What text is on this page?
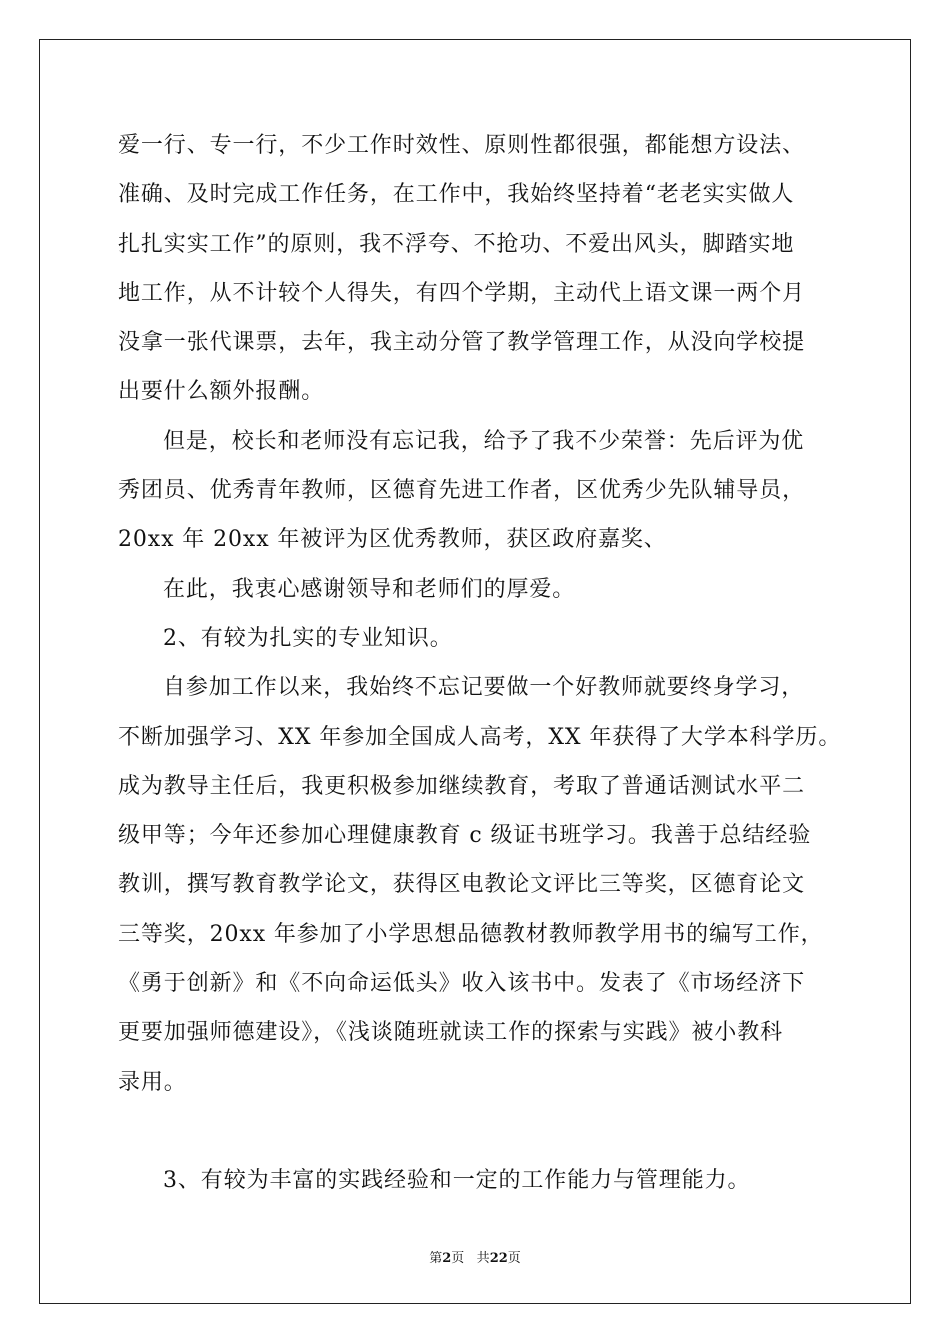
爱一行、专一行，不少工作时效性、原则性都很强，都能想方设法、
准确、及时完成工作任务，在工作中，我始终坚持着“老老实实做人
扎扎实实工作”的原则，我不浮夸、不抢功、不爱出风头，脚踏实地
地工作，从不计较个人得失，有四个学期，主动代上语文课一两个月
没拿一张代课票，去年，我主动分管了教学管理工作，从没向学校提
出要什么额外报酬。
但是，校长和老师没有忘记我，给予了我不少荣誉：先后评为优
秀团员、优秀青年教师，区德育先进工作者，区优秀少先队辅导员，
20xx 年 20xx 年被评为区优秀教师，获区政府嘉奖、
在此，我衷心感谢领导和老师们的厚爱。
2、有较为扎实的专业知识。
自参加工作以来，我始终不忘记要做一个好教师就要终身学习，
不断加强学习、XX 年参加全国成人高考，XX 年获得了大学本科学历。
成为教导主任后，我更积极参加继续教育，考取了普通话测试水平二
级甲等；今年还参加心理健康教育 c 级证书班学习。我善于总结经验
教训，撰写教育教学论文，获得区电教论文评比三等奖，区德育论文
三等奖，20xx 年参加了小学思想品德教材教师教学用书的编写工作，
《勇于创新》和《不向命运低头》收入该书中。发表了《市场经济下
更要加强师德建设》，《浅谈随班就读工作的探索与实践》被小教科
录用。
3、有较为丰富的实践经验和一定的工作能力与管理能力。
第2页 共22页
